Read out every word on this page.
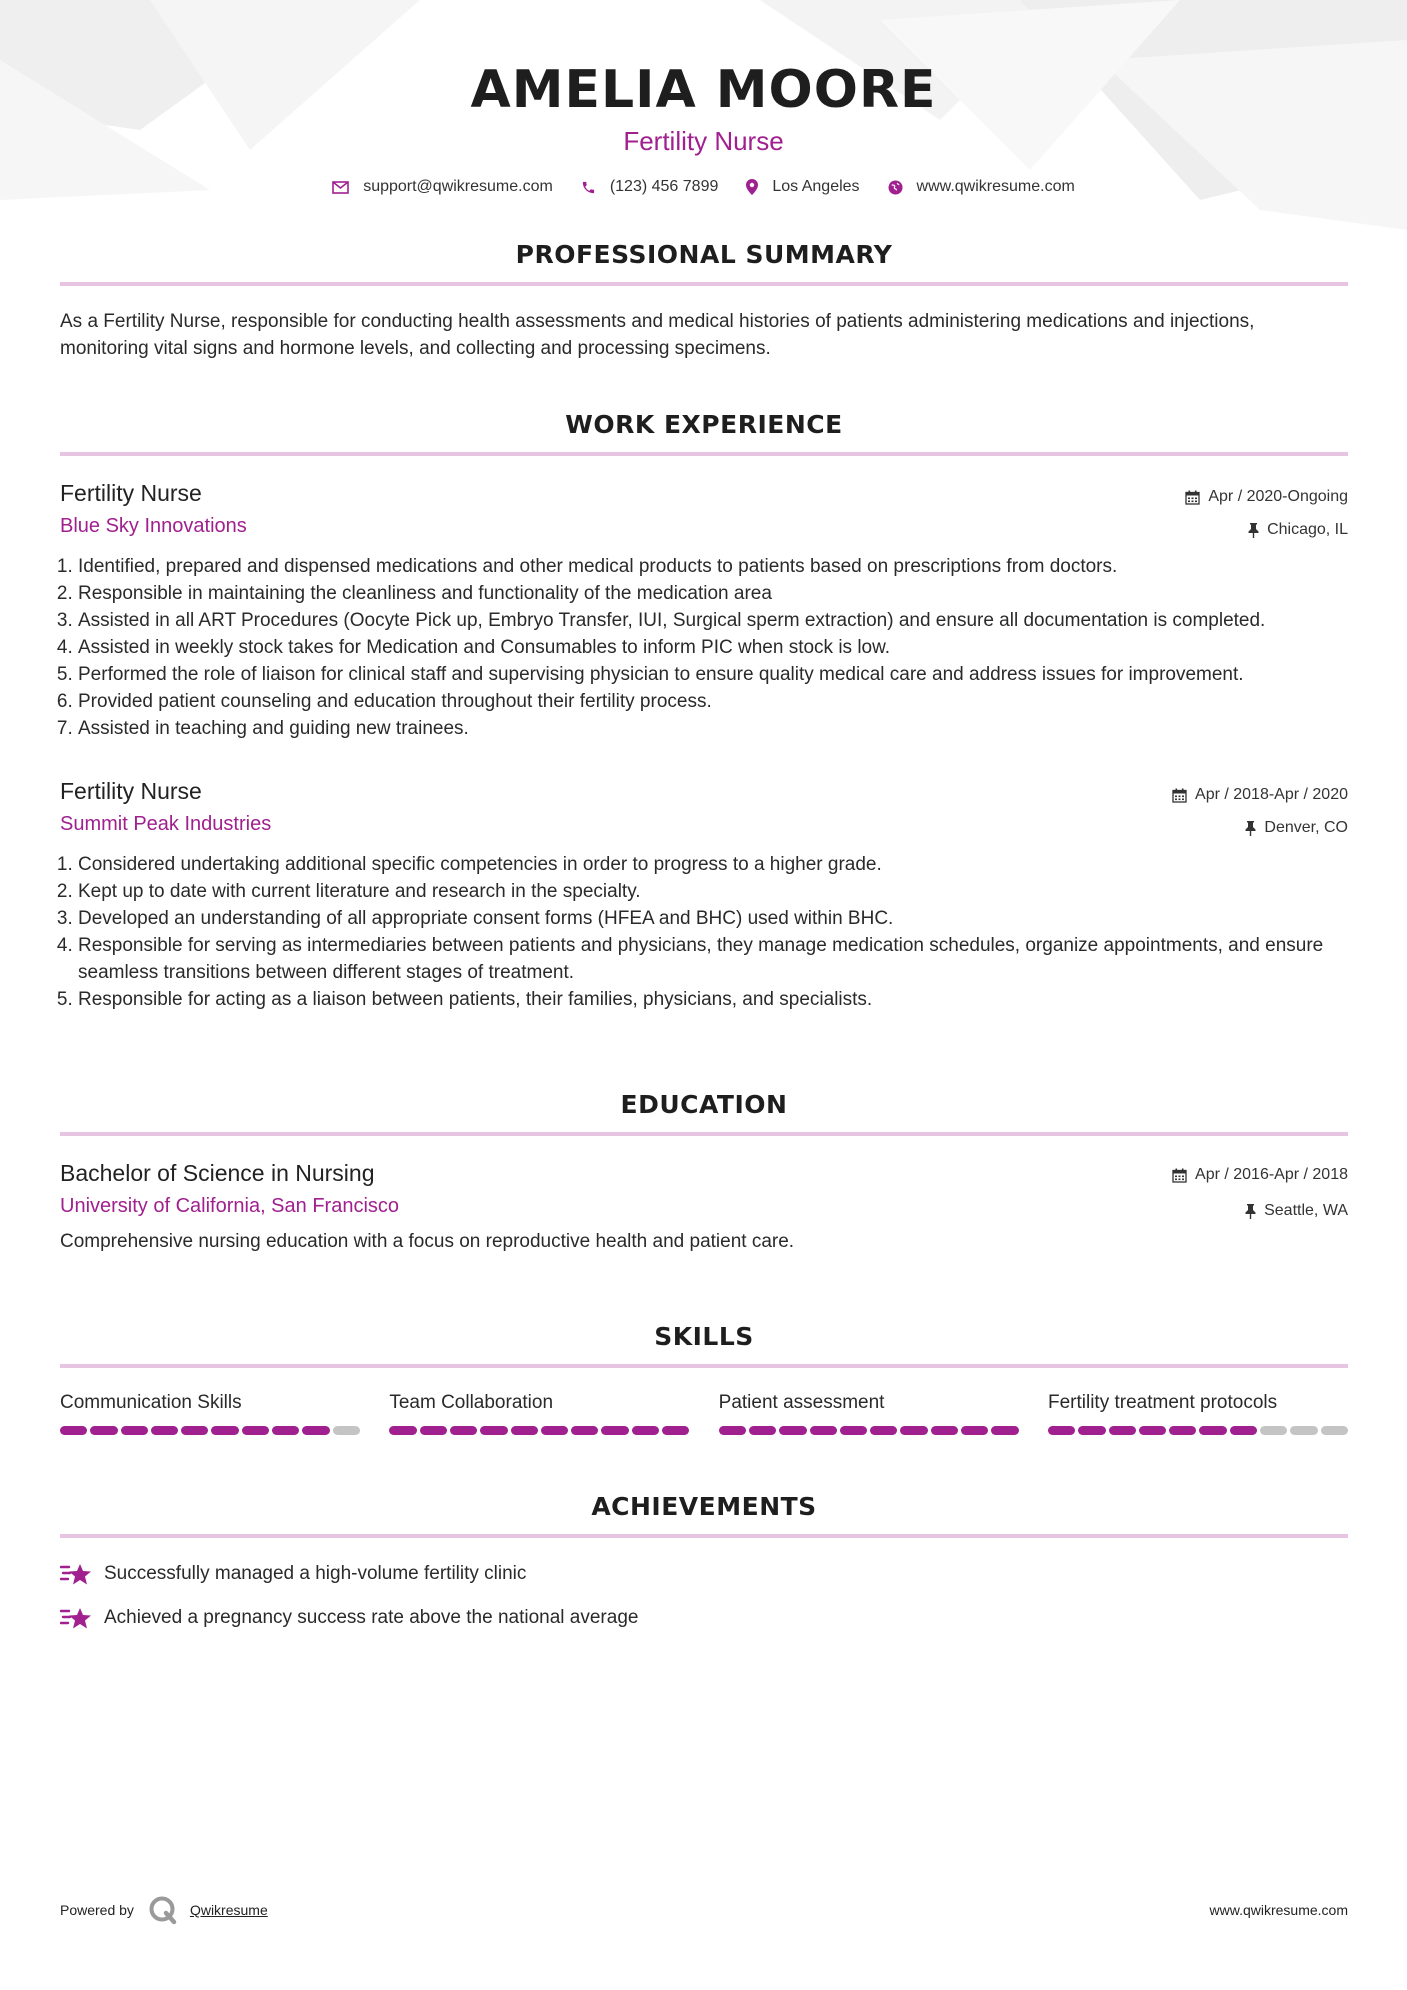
AMELIA MOORE
Fertility Nurse
support@qwikresume.com	(123) 456 7899	Los Angeles	www.qwikresume.com
PROFESSIONAL SUMMARY
As a Fertility Nurse, responsible for conducting health assessments and medical histories of patients administering medications and injections, monitoring vital signs and hormone levels, and collecting and processing specimens.
WORK EXPERIENCE
Fertility Nurse
Blue Sky Innovations
Apr / 2020-Ongoing
Chicago, IL
1. Identified, prepared and dispensed medications and other medical products to patients based on prescriptions from doctors.
2. Responsible in maintaining the cleanliness and functionality of the medication area
3. Assisted in all ART Procedures (Oocyte Pick up, Embryo Transfer, IUI, Surgical sperm extraction) and ensure all documentation is completed.
4. Assisted in weekly stock takes for Medication and Consumables to inform PIC when stock is low.
5. Performed the role of liaison for clinical staff and supervising physician to ensure quality medical care and address issues for improvement.
6. Provided patient counseling and education throughout their fertility process.
7. Assisted in teaching and guiding new trainees.
Fertility Nurse
Summit Peak Industries
Apr / 2018-Apr / 2020
Denver, CO
1. Considered undertaking additional specific competencies in order to progress to a higher grade.
2. Kept up to date with current literature and research in the specialty.
3. Developed an understanding of all appropriate consent forms (HFEA and BHC) used within BHC.
4. Responsible for serving as intermediaries between patients and physicians, they manage medication schedules, organize appointments, and ensure seamless transitions between different stages of treatment.
5. Responsible for acting as a liaison between patients, their families, physicians, and specialists.
EDUCATION
Bachelor of Science in Nursing
University of California, San Francisco
Apr / 2016-Apr / 2018
Seattle, WA
Comprehensive nursing education with a focus on reproductive health and patient care.
SKILLS
Communication Skills	Team Collaboration	Patient assessment	Fertility treatment protocols
ACHIEVEMENTS
Successfully managed a high-volume fertility clinic
Achieved a pregnancy success rate above the national average
Powered by	Qwikresume	www.qwikresume.com
